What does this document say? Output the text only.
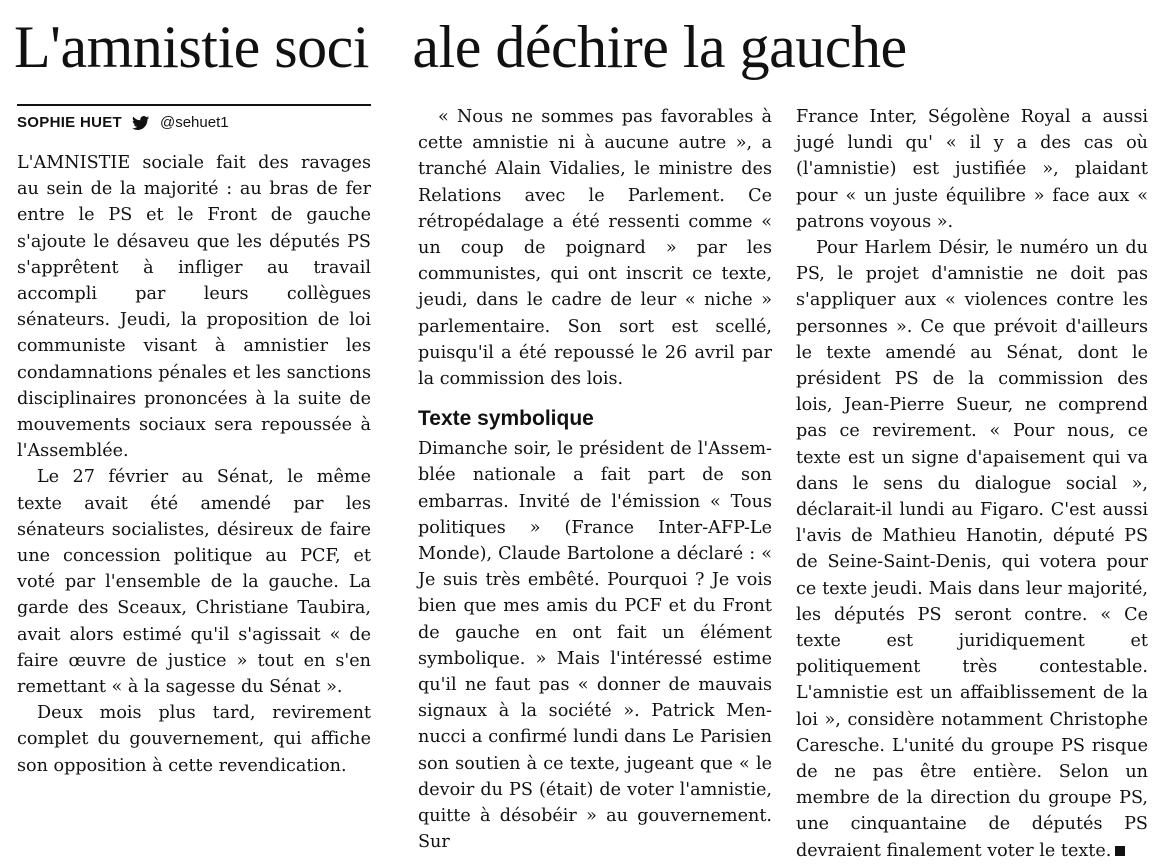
L'amnistie soci   ale déchire la gauche
SOPHIE HUET	@sehuet1

L'AMNISTIE sociale fait des ravages au sein de la majorité : au bras de fer entre le PS et le Front de gauche s'ajoute le désaveu que les députés PS s'apprêtent à infliger au travail accompli par leurs collègues sénateurs. Jeudi, la proposition de loi communiste visant à amnistier les condamnations pénales et les sanctions disciplinaires prononcées à la suite de mouvements sociaux sera repoussée à l'Assemblée.

Le 27 février au Sénat, le même texte avait été amendé par les sénateurs socialistes, désireux de faire une concession politique au PCF, et voté par l'ensemble de la gauche. La garde des Sceaux, Christiane Taubira, avait alors estimé qu'il s'agissait « de faire œuvre de justice » tout en s'en remettant « à la sagesse du Sénat ».

Deux mois plus tard, revirement complet du gouvernement, qui affiche son opposition à cette revendication.

« Nous ne sommes pas favorables à cette amnistie ni à aucune autre », a tranché Alain Vidalies, le ministre des Relations avec le Parlement. Ce rétropédalage a été ressenti comme « un coup de poignard » par les communistes, qui ont inscrit ce texte, jeudi, dans le cadre de leur « niche » parlementaire. Son sort est scellé, puisqu'il a été repoussé le 26 avril par la commission des lois.

Texte symbolique

Dimanche soir, le président de l'Assemblée nationale a fait part de son embarras. Invité de l'émission « Tous politiques » (France Inter-AFP-Le Monde), Claude Bartolone a déclaré : « Je suis très embêté. Pourquoi ? Je vois bien que mes amis du PCF et du Front de gauche en ont fait un élément symbolique. » Mais l'intéressé estime qu'il ne faut pas « donner de mauvais signaux à la société ». Patrick Mennucci a confirmé lundi dans Le Parisien son soutien à ce texte, jugeant que « le devoir du PS (était) de voter l'amnistie, quitte à désobéir » au gouvernement. Sur

France Inter, Ségolène Royal a aussi jugé lundi qu' « il y a des cas où (l'amnistie) est justifiée », plaidant pour « un juste équilibre » face aux « patrons voyous ».

Pour Harlem Désir, le numéro un du PS, le projet d'amnistie ne doit pas s'appliquer aux « violences contre les personnes ». Ce que prévoit d'ailleurs le texte amendé au Sénat, dont le président PS de la commission des lois, Jean-Pierre Sueur, ne comprend pas ce revirement. « Pour nous, ce texte est un signe d'apaisement qui va dans le sens du dialogue social », déclarait-il lundi au Figaro. C'est aussi l'avis de Mathieu Hanotin, député PS de Seine-Saint-Denis, qui votera pour ce texte jeudi. Mais dans leur majorité, les députés PS seront contre. « Ce texte est juridiquement et politiquement très contestable. L'amnistie est un affaiblissement de la loi », considère notamment Christophe Caresche. L'unité du groupe PS risque de ne pas être entière. Selon un membre de la direction du groupe PS, une cinquantaine de députés PS devraient finalement voter le texte.
